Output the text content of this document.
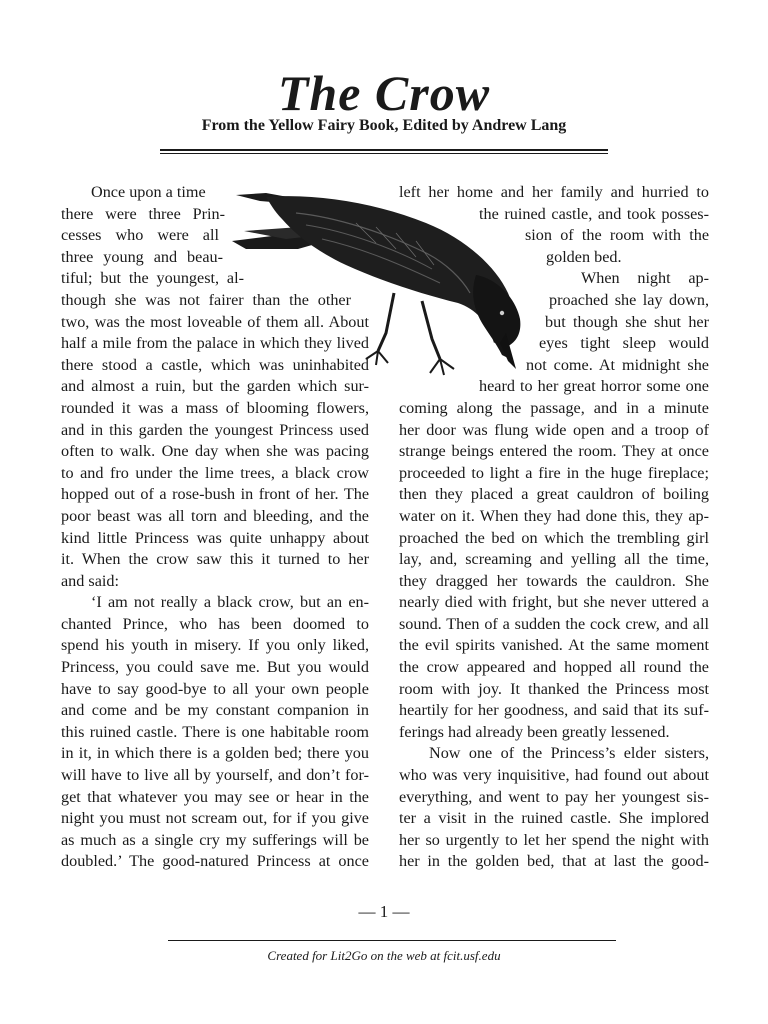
The Crow
From the Yellow Fairy Book, Edited by Andrew Lang
Once upon a time
there were three Prin-
cesses who were all
three young and beau-
tiful; but the youngest, al-
though she was not fairer than the other
two, was the most loveable of them all. About
half a mile from the palace in which they lived
there stood a castle, which was uninhabited
and almost a ruin, but the garden which sur-
rounded it was a mass of blooming flowers,
and in this garden the youngest Princess used
often to walk. One day when she was pacing
to and fro under the lime trees, a black crow
hopped out of a rose-bush in front of her. The
poor beast was all torn and bleeding, and the
kind little Princess was quite unhappy about
it. When the crow saw this it turned to her
and said:
‘I am not really a black crow, but an en-
chanted Prince, who has been doomed to
spend his youth in misery. If you only liked,
Princess, you could save me. But you would
have to say good-bye to all your own people
and come and be my constant companion in
this ruined castle. There is one habitable room
in it, in which there is a golden bed; there you
will have to live all by yourself, and don’t for-
get that whatever you may see or hear in the
night you must not scream out, for if you give
as much as a single cry my sufferings will be
doubled.’ The good-natured Princess at once
left her home and her family and hurried to
the ruined castle, and took posses-
sion of the room with the
golden bed.
When night ap-
proached she lay down,
but though she shut her
eyes tight sleep would
not come. At midnight she
heard to her great horror some one
coming along the passage, and in a minute
her door was flung wide open and a troop of
strange beings entered the room. They at once
proceeded to light a fire in the huge fireplace;
then they placed a great cauldron of boiling
water on it. When they had done this, they ap-
proached the bed on which the trembling girl
lay, and, screaming and yelling all the time,
they dragged her towards the cauldron. She
nearly died with fright, but she never uttered a
sound. Then of a sudden the cock crew, and all
the evil spirits vanished. At the same moment
the crow appeared and hopped all round the
room with joy. It thanked the Princess most
heartily for her goodness, and said that its suf-
ferings had already been greatly lessened.
Now one of the Princess’s elder sisters,
who was very inquisitive, had found out about
everything, and went to pay her youngest sis-
ter a visit in the ruined castle. She implored
her so urgently to let her spend the night with
her in the golden bed, that at last the good-
— 1 —
Created for Lit2Go on the web at fcit.usf.edu
